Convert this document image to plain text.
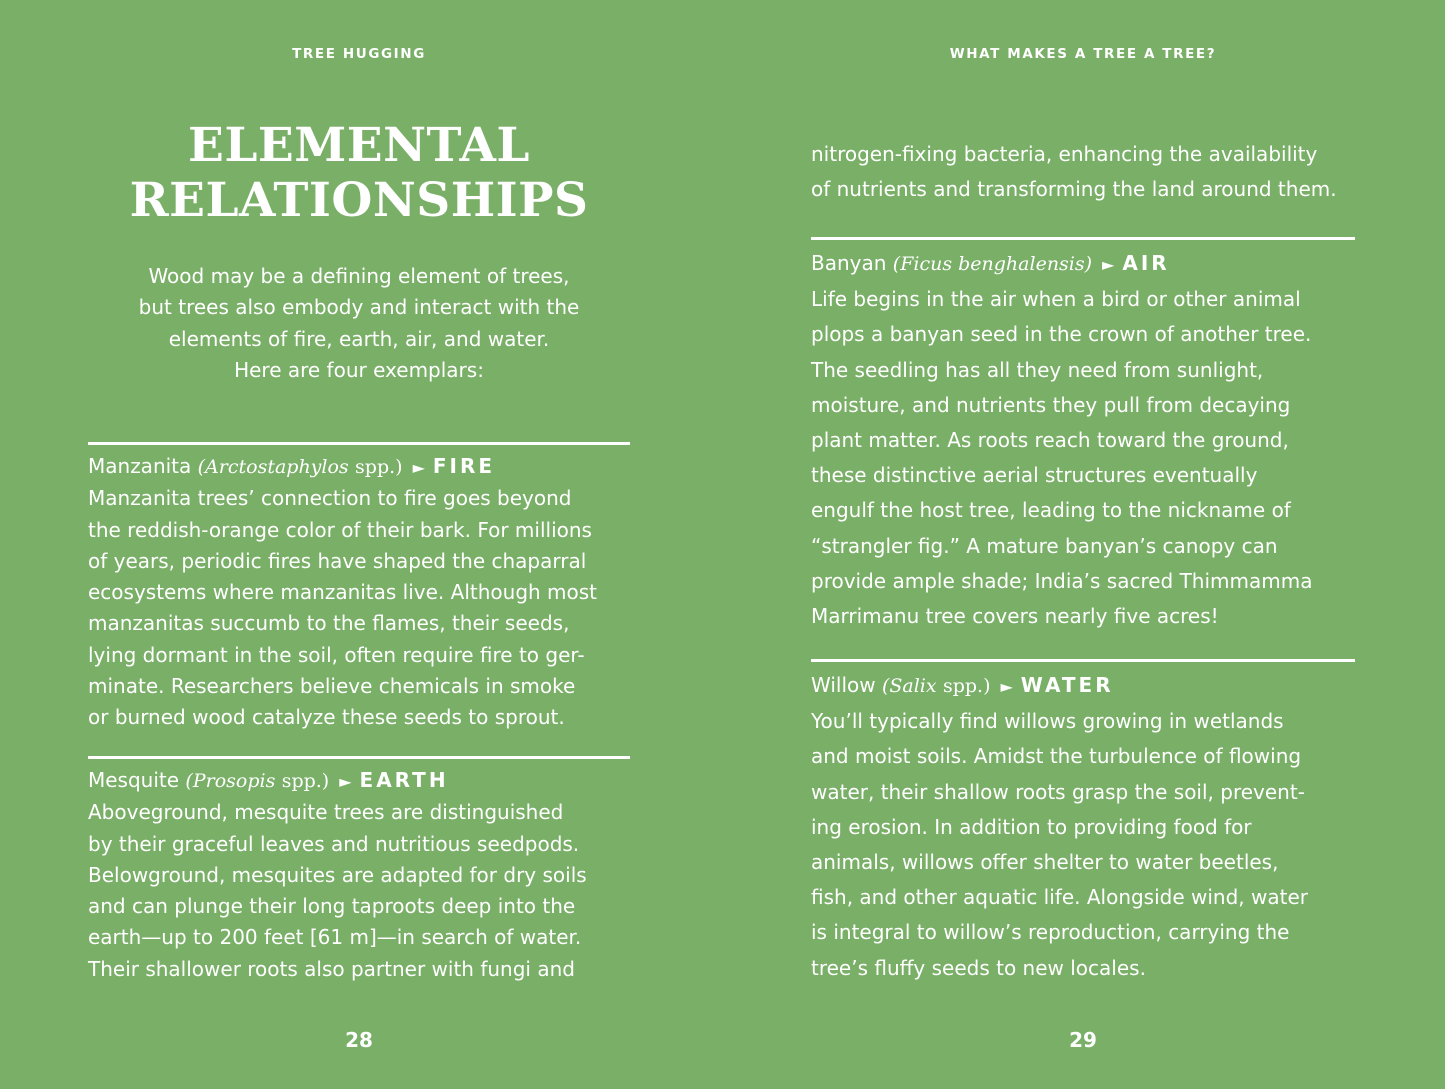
TREE HUGGING
ELEMENTAL
RELATIONSHIPS

Wood may be a defining element of trees,
but trees also embody and interact with the
elements of fire, earth, air, and water.
Here are four exemplars:

Manzanita (Arctostaphylos spp.) ► FIRE
Manzanita trees’ connection to fire goes beyond
the reddish-orange color of their bark. For millions
of years, periodic fires have shaped the chaparral
ecosystems where manzanitas live. Although most
manzanitas succumb to the flames, their seeds,
lying dormant in the soil, often require fire to ger-
minate. Researchers believe chemicals in smoke
or burned wood catalyze these seeds to sprout.
Mesquite (Prosopis spp.) ► EARTH
Aboveground, mesquite trees are distinguished
by their graceful leaves and nutritious seedpods.
Belowground, mesquites are adapted for dry soils
and can plunge their long taproots deep into the
earth—up to 200 feet [61 m]—in search of water.
Their shallower roots also partner with fungi and
28
WHAT MAKES A TREE A TREE?
nitrogen-fixing bacteria, enhancing the availability
of nutrients and transforming the land around them.
Banyan (Ficus benghalensis) ► AIR
Life begins in the air when a bird or other animal
plops a banyan seed in the crown of another tree.
The seedling has all they need from sunlight,
moisture, and nutrients they pull from decaying
plant matter. As roots reach toward the ground,
these distinctive aerial structures eventually
engulf the host tree, leading to the nickname of
“strangler fig.” A mature banyan’s canopy can
provide ample shade; India’s sacred Thimmamma
Marrimanu tree covers nearly five acres!
Willow (Salix spp.) ► WATER
You’ll typically find willows growing in wetlands
and moist soils. Amidst the turbulence of flowing
water, their shallow roots grasp the soil, prevent-
ing erosion. In addition to providing food for
animals, willows offer shelter to water beetles,
fish, and other aquatic life. Alongside wind, water
is integral to willow’s reproduction, carrying the
tree’s fluffy seeds to new locales.
29
